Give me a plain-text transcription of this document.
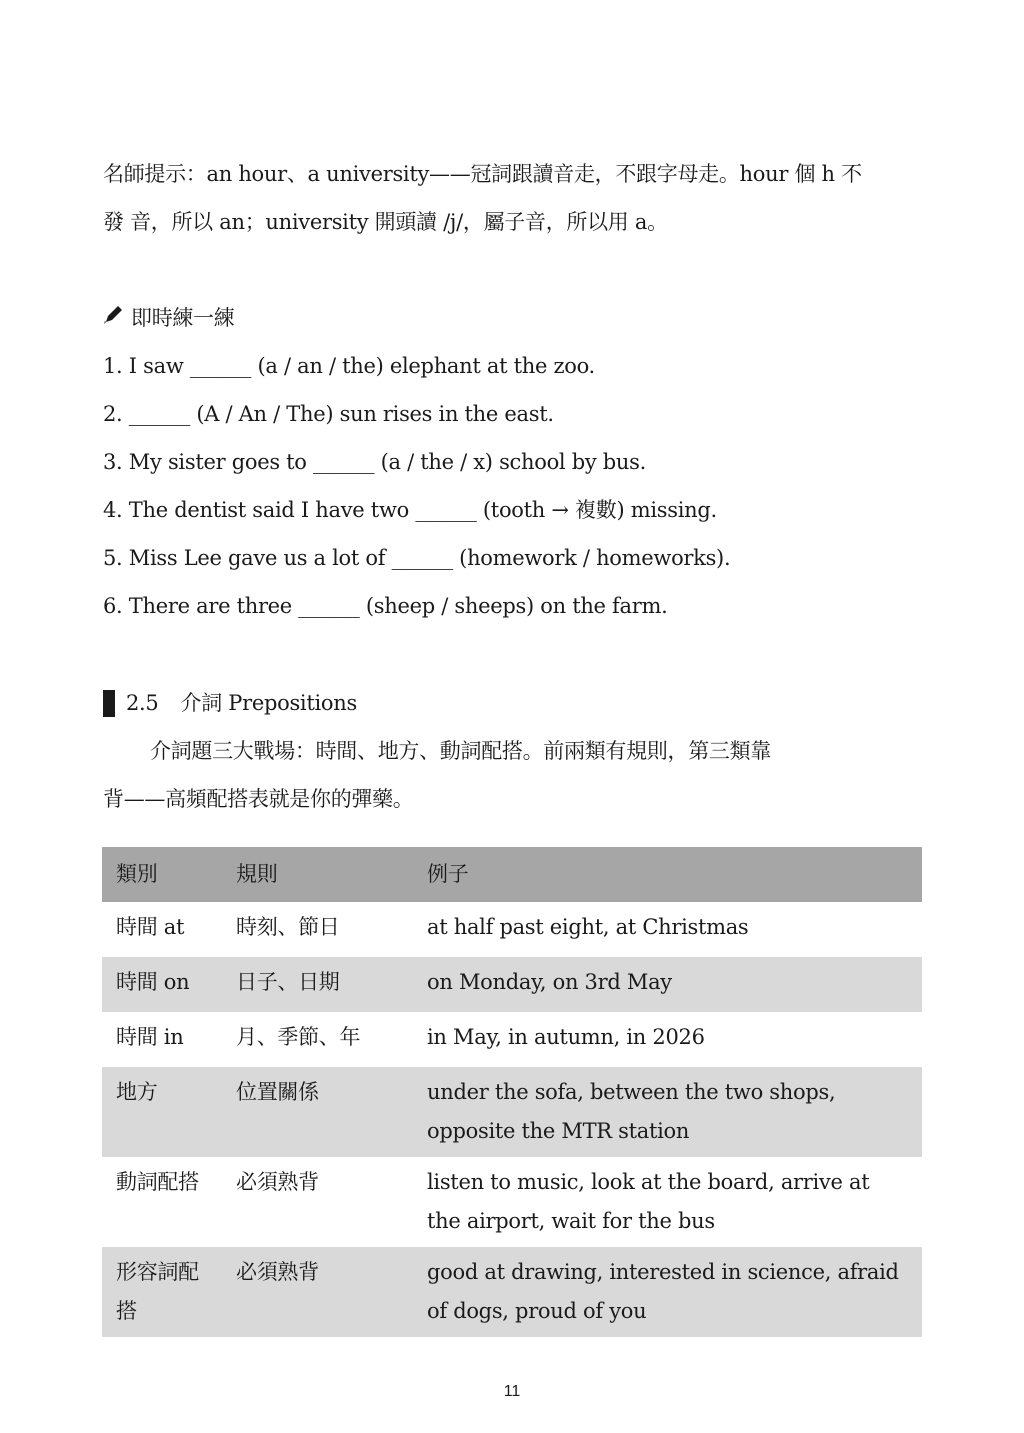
名師提示：an hour、a university——冠詞跟讀音走，不跟字母走。hour 個 h 不
發 音，所以 an；university 開頭讀 /j/，屬子音，所以用 a。
即時練一練
1. I saw ______ (a / an / the) elephant at the zoo.
2. ______ (A / An / The) sun rises in the east.
3. My sister goes to ______ (a / the / x) school by bus.
4. The dentist said I have two ______ (tooth → 複數) missing.
5. Miss Lee gave us a lot of ______ (homework / homeworks).
6. There are three ______ (sheep / sheeps) on the farm.
2.5 介詞 Prepositions
介詞題三大戰場：時間、地方、動詞配搭。前兩類有規則，第三類靠
背——高頻配搭表就是你的彈藥。
類別	規則	例子
時間 at	時刻、節日	at half past eight, at Christmas
時間 on	日子、日期	on Monday, on 3rd May
時間 in	月、季節、年	in May, in autumn, in 2026
地方	位置關係	under the sofa, between the two shops, opposite the MTR station
動詞配搭	必須熟背	listen to music, look at the board, arrive at the airport, wait for the bus
形容詞配搭	必須熟背	good at drawing, interested in science, afraid of dogs, proud of you
11
